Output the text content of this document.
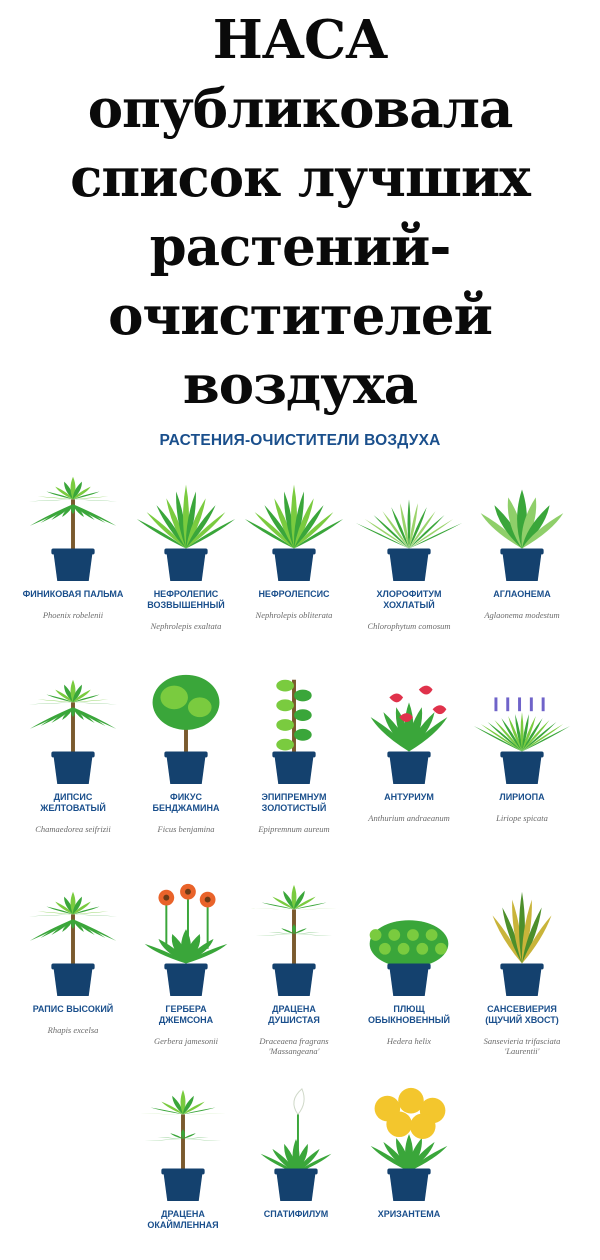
НАСА
опубликовала
список лучших
растений-
очистителей
воздуха
РАСТЕНИЯ-ОЧИСТИТЕЛИ ВОЗДУХА
ФИНИКОВАЯ ПАЛЬМА
Phoenix robelenii
НЕФРОЛЕПИС
ВОЗВЫШЕННЫЙ
Nephrolepis exaltata
НЕФРОЛЕПСИС
Nephrolepis obliterata
ХЛОРОФИТУМ
ХОХЛАТЫЙ
Chlorophytum comosum
АГЛАОНЕМА
Aglaonema modestum
ДИПСИС
ЖЕЛТОВАТЫЙ
Chamaedorea seifrizii
ФИКУС
БЕНДЖАМИНА
Ficus benjamina
ЭПИПРЕМНУМ
ЗОЛОТИСТЫЙ
Epipremnum aureum
АНТУРИУМ
Anthurium andraeanum
ЛИРИОПА
Liriope spicata
РАПИС ВЫСОКИЙ
Rhapis excelsa
ГЕРБЕРА
ДЖЕМСОНА
Gerbera jamesonii
ДРАЦЕНА
ДУШИСТАЯ
Draceaena fragrans
'Massangeana'
ПЛЮЩ
ОБЫКНОВЕННЫЙ
Hedera helix
САНСЕВИЕРИЯ
(ЩУЧИЙ ХВОСТ)
Sansevieria trifasciata
'Laurentii'
ДРАЦЕНА
ОКАЙМЛЕННАЯ
СПАТИФИЛУМ	ХРИЗАНТЕМА
